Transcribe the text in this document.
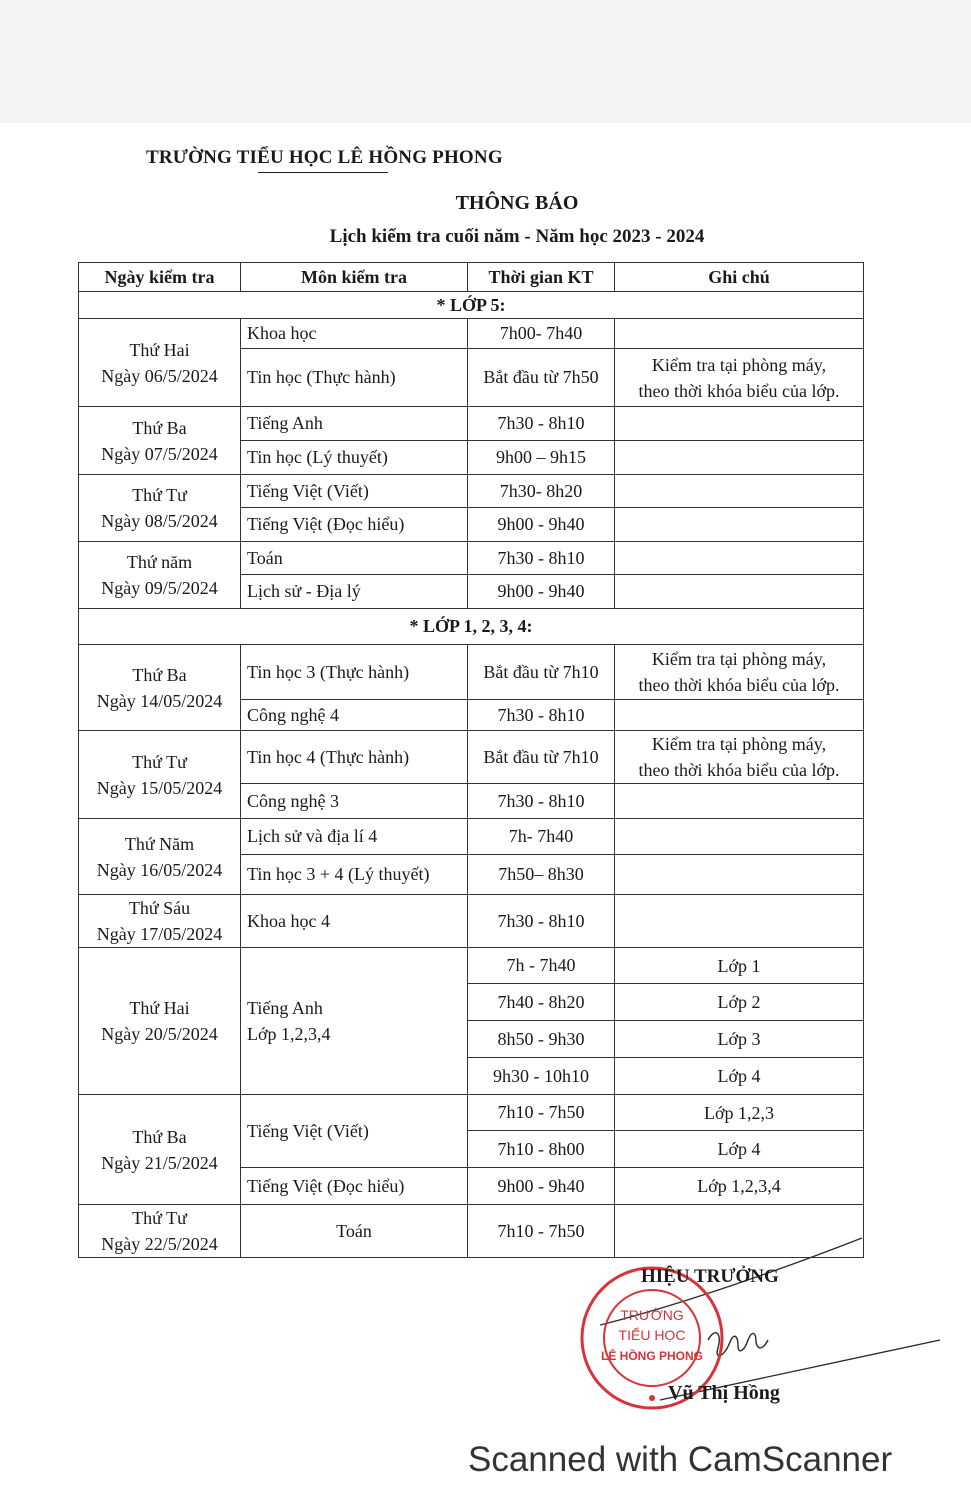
TRƯỜNG TIỂU HỌC LÊ HỒNG PHONG
THÔNG BÁO
Lịch kiểm tra cuối năm - Năm học 2023 - 2024
Ngày kiểm tra	Môn kiểm tra	Thời gian KT	Ghi chú
* LỚP 5:			
Thứ Hai
Ngày 06/5/2024	Khoa học	7h00- 7h40	
	Tin học (Thực hành)	Bắt đầu từ 7h50	Kiểm tra tại phòng máy,
theo thời khóa biểu của lớp.
Thứ Ba
Ngày 07/5/2024	Tiếng Anh	7h30 - 8h10	
	Tin học (Lý thuyết)	9h00 – 9h15	
Thứ Tư
Ngày 08/5/2024	Tiếng Việt (Viết)	7h30- 8h20	
	Tiếng Việt (Đọc hiểu)	9h00 - 9h40	
Thứ năm
Ngày 09/5/2024	Toán	7h30 - 8h10	
	Lịch sử - Địa lý	9h00 - 9h40	
* LỚP 1, 2, 3, 4:			
Thứ Ba
Ngày 14/05/2024	Tin học 3 (Thực hành)	Bắt đầu từ 7h10	Kiểm tra tại phòng máy,
theo thời khóa biểu của lớp.
	Công nghệ 4	7h30 - 8h10	
Thứ Tư
Ngày 15/05/2024	Tin học 4 (Thực hành)	Bắt đầu từ 7h10	Kiểm tra tại phòng máy,
theo thời khóa biểu của lớp.
	Công nghệ 3	7h30 - 8h10	
Thứ Năm
Ngày 16/05/2024	Lịch sử và địa lí 4	7h- 7h40	
	Tin học 3 + 4 (Lý thuyết)	7h50– 8h30	
Thứ Sáu
Ngày 17/05/2024	Khoa học 4	7h30 - 8h10	
Thứ Hai
Ngày 20/5/2024	Tiếng Anh
Lớp 1,2,3,4	7h - 7h40	Lớp 1
		7h40 - 8h20	Lớp 2
		8h50 - 9h30	Lớp 3
		9h30 - 10h10	Lớp 4
Thứ Ba
Ngày 21/5/2024	Tiếng Việt (Viết)	7h10 - 7h50	Lớp 1,2,3
		7h10 - 8h00	Lớp 4
	Tiếng Việt (Đọc hiểu)	9h00 - 9h40	Lớp 1,2,3,4
Thứ Tư
Ngày 22/5/2024	Toán	7h10 - 7h50	
TRƯỜNG
TIỂU HỌC
LÊ HỒNG PHONG
HIỆU TRƯỞNG
Vũ Thị Hồng
Scanned with CamScanner
